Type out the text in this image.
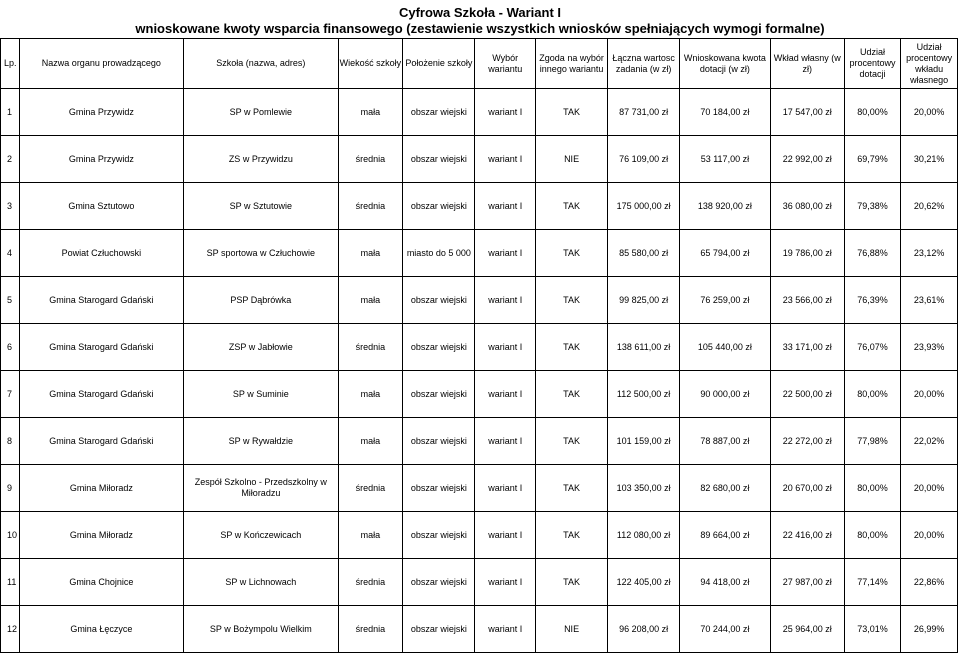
Cyfrowa Szkoła - Wariant I
wnioskowane kwoty wsparcia finansowego (zestawienie wszystkich wniosków spełniających wymogi formalne)
Lp.	Nazwa organu prowadzącego	Szkoła (nazwa, adres)	Wiekość szkoły	Położenie szkoły	Wybór wariantu	Zgoda na wybór innego wariantu	Łączna wartosc zadania (w zł)	Wnioskowana kwota dotacji (w zł)	Wkład własny (w zł)	Udział procentowy dotacji	Udział procentowy wkładu własnego
1	Gmina Przywidz	SP w Pomlewie	mała	obszar wiejski	wariant I	TAK	87 731,00 zł	70 184,00 zł	17 547,00 zł	80,00%	20,00%
2	Gmina Przywidz	ZS w Przywidzu	średnia	obszar wiejski	wariant I	NIE	76 109,00 zł	53 117,00 zł	22 992,00 zł	69,79%	30,21%
3	Gmina Sztutowo	SP w Sztutowie	średnia	obszar wiejski	wariant I	TAK	175 000,00 zł	138 920,00 zł	36 080,00 zł	79,38%	20,62%
4	Powiat Człuchowski	SP sportowa w Człuchowie	mała	miasto do 5 000	wariant I	TAK	85 580,00 zł	65 794,00 zł	19 786,00 zł	76,88%	23,12%
5	Gmina Starogard Gdański	PSP Dąbrówka	mała	obszar wiejski	wariant I	TAK	99 825,00 zł	76 259,00 zł	23 566,00 zł	76,39%	23,61%
6	Gmina Starogard Gdański	ZSP w Jabłowie	średnia	obszar wiejski	wariant I	TAK	138 611,00 zł	105 440,00 zł	33 171,00 zł	76,07%	23,93%
7	Gmina Starogard Gdański	SP w Suminie	mała	obszar wiejski	wariant I	TAK	112 500,00 zł	90 000,00 zł	22 500,00 zł	80,00%	20,00%
8	Gmina Starogard Gdański	SP w Rywałdzie	mała	obszar wiejski	wariant I	TAK	101 159,00 zł	78 887,00 zł	22 272,00 zł	77,98%	22,02%
9	Gmina Miłoradz	Zespół Szkolno - Przedszkolny w Miłoradzu	średnia	obszar wiejski	wariant I	TAK	103 350,00 zł	82 680,00 zł	20 670,00 zł	80,00%	20,00%
10	Gmina Miłoradz	SP w Kończewicach	mała	obszar wiejski	wariant I	TAK	112 080,00 zł	89 664,00 zł	22 416,00 zł	80,00%	20,00%
11	Gmina Chojnice	SP w Lichnowach	średnia	obszar wiejski	wariant I	TAK	122 405,00 zł	94 418,00 zł	27 987,00 zł	77,14%	22,86%
12	Gmina Łęczyce	SP w Bożympolu Wielkim	średnia	obszar wiejski	wariant I	NIE	96 208,00 zł	70 244,00 zł	25 964,00 zł	73,01%	26,99%
